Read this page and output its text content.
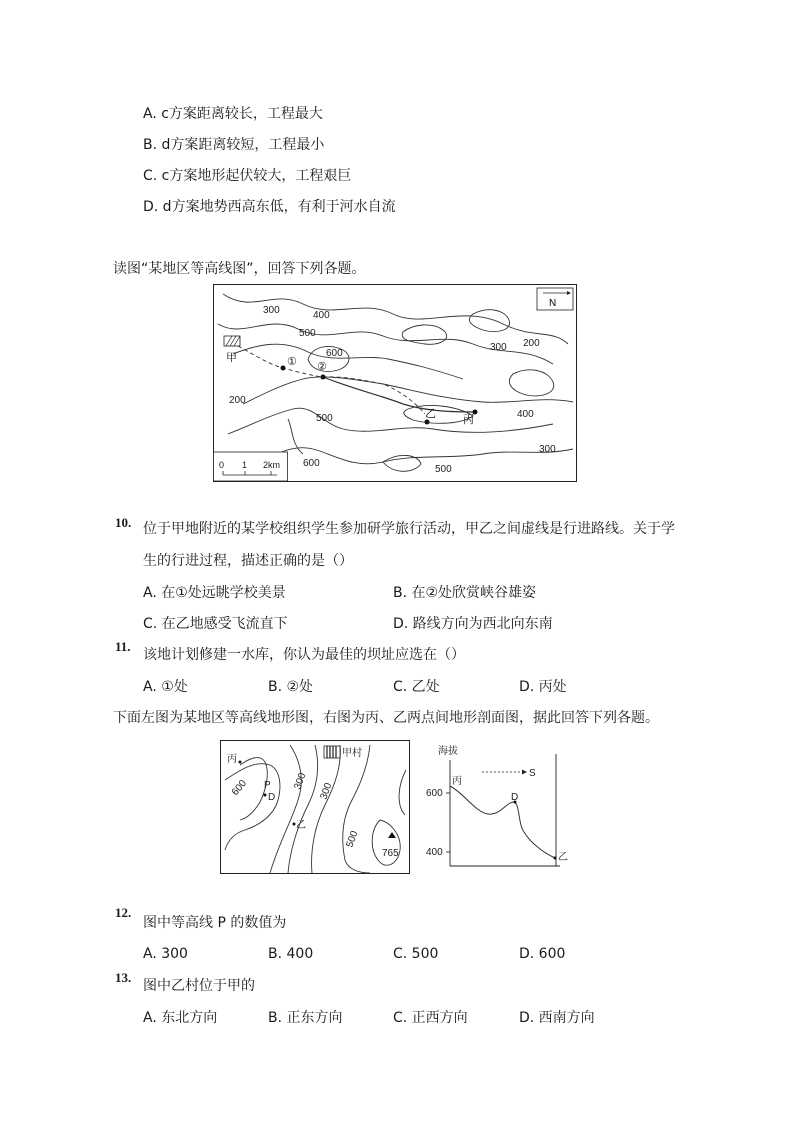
A. c方案距离较长，工程最大
B. d方案距离较短，工程最小
C. c方案地形起伏较大，工程艰巨
D. d方案地势西高东低，有利于河水自流
读图“某地区等高线图”，回答下列各题。
N
300	400
500
300 200
600
200
500	400
300
600
500
甲	① ②
乙 丙
0 1 2km
10. 位于甲地附近的某学校组织学生参加研学旅行活动，甲乙之间虚线是行进路线。关于学
生的行进过程，描述正确的是（）
A. 在①处远眺学校美景	B. 在②处欣赏峡谷雄姿
C. 在乙地感受飞流直下	D. 路线方向为西北向东南
11.
该地计划修建一水库，你认为最佳的坝址应选在（）
A. ①处	B. ②处	C. 乙处	D. 丙处
下面左图为某地区等高线地形图，右图为丙、乙两点间地形剖面图，据此回答下列各题。
丙
甲村
600 P
D
300
300
乙
500
765
海拔
S
600
400
丙
D
乙
12.
图中等高线 P 的数值为
A. 300	B. 400	C. 500	D. 600
13.
图中乙村位于甲的
A. 东北方向	B. 正东方向	C. 正西方向	D. 西南方向
